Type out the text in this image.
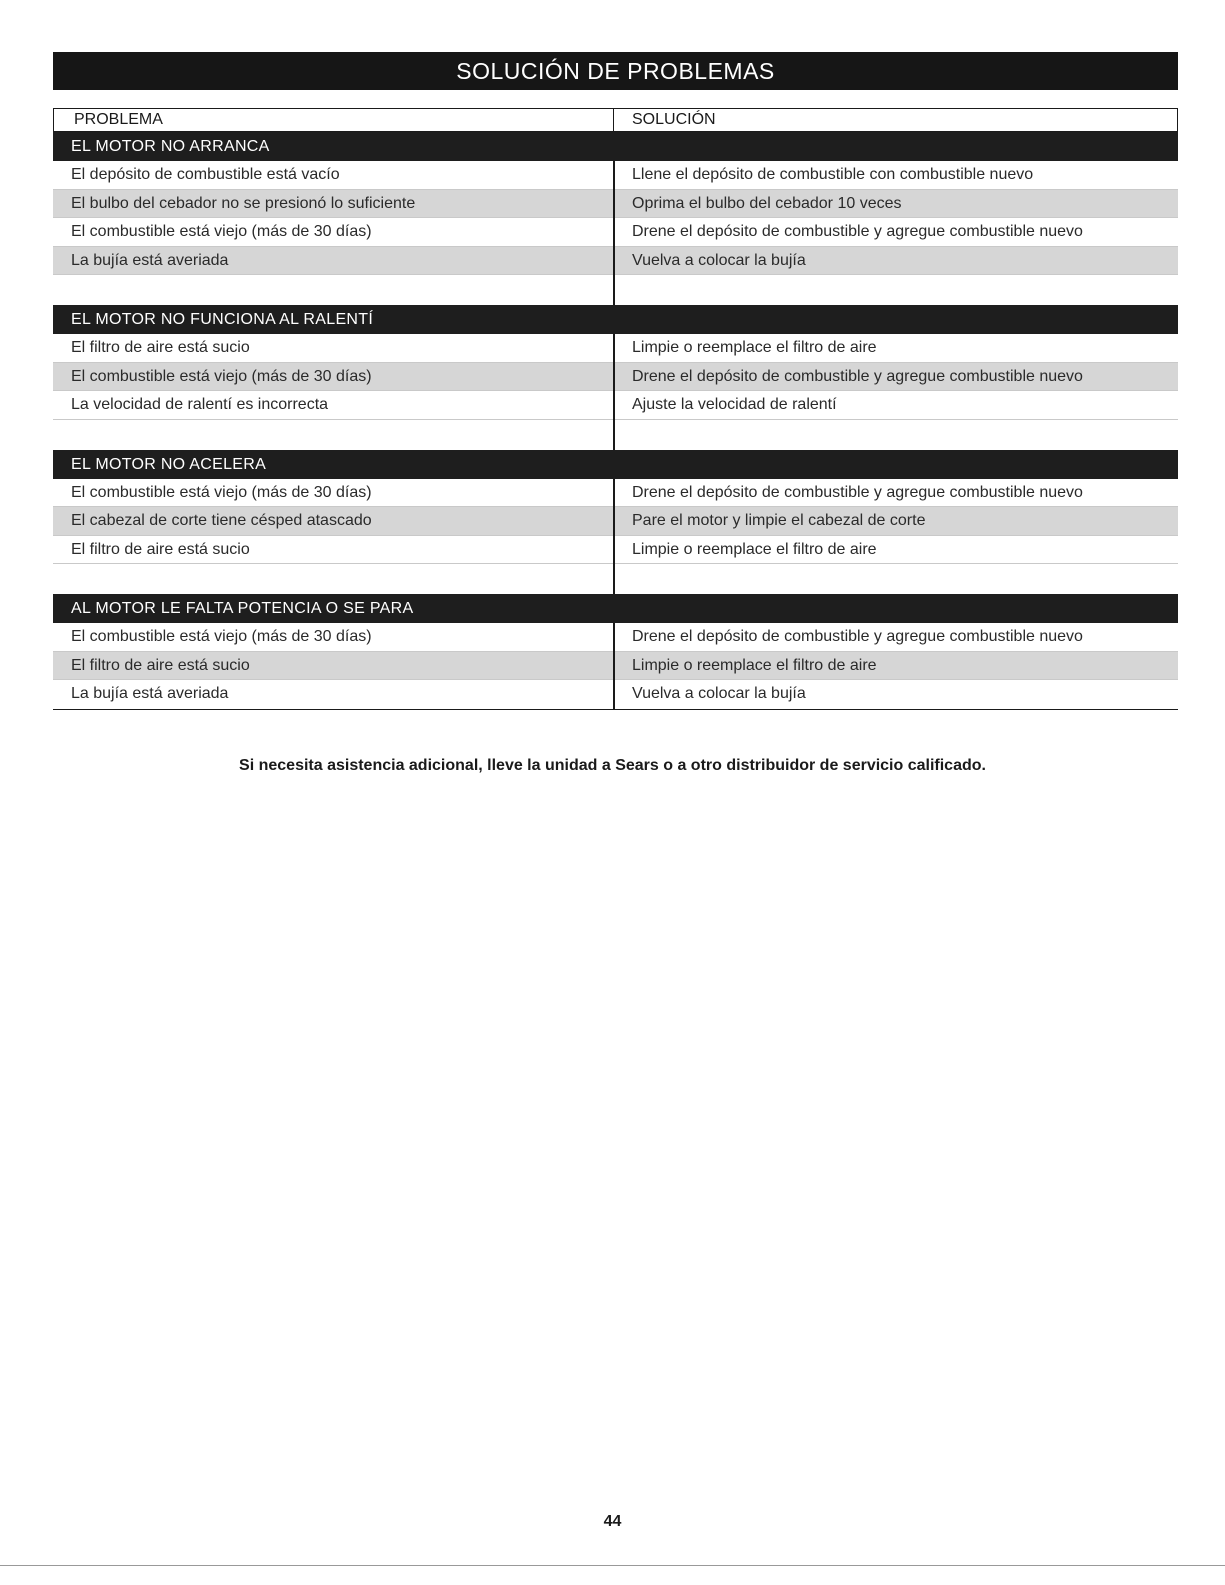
SOLUCIÓN DE PROBLEMAS
PROBLEMA	SOLUCIÓN
EL MOTOR NO ARRANCA
El depósito de combustible está vacío	Llene el depósito de combustible con combustible nuevo
El bulbo del cebador no se presionó lo suficiente	Oprima el bulbo del cebador 10 veces
El combustible está viejo (más de 30 días)	Drene el depósito de combustible y agregue combustible nuevo
La bujía está averiada	Vuelva a colocar la bujía
EL MOTOR NO FUNCIONA AL RALENTÍ
El filtro de aire está sucio	Limpie o reemplace el filtro de aire
El combustible está viejo (más de 30 días)	Drene el depósito de combustible y agregue combustible nuevo
La velocidad de ralentí es incorrecta	Ajuste la velocidad de ralentí
EL MOTOR NO ACELERA
El combustible está viejo (más de 30 días)	Drene el depósito de combustible y agregue combustible nuevo
El cabezal de corte tiene césped atascado	Pare el motor y limpie el cabezal de corte
El filtro de aire está sucio	Limpie o reemplace el filtro de aire
AL MOTOR LE FALTA POTENCIA O SE PARA
El combustible está viejo (más de 30 días)	Drene el depósito de combustible y agregue combustible nuevo
El filtro de aire está sucio	Limpie o reemplace el filtro de aire
La bujía está averiada	Vuelva a colocar la bujía
Si necesita asistencia adicional, lleve la unidad a Sears o a otro distribuidor de servicio calificado.
44
